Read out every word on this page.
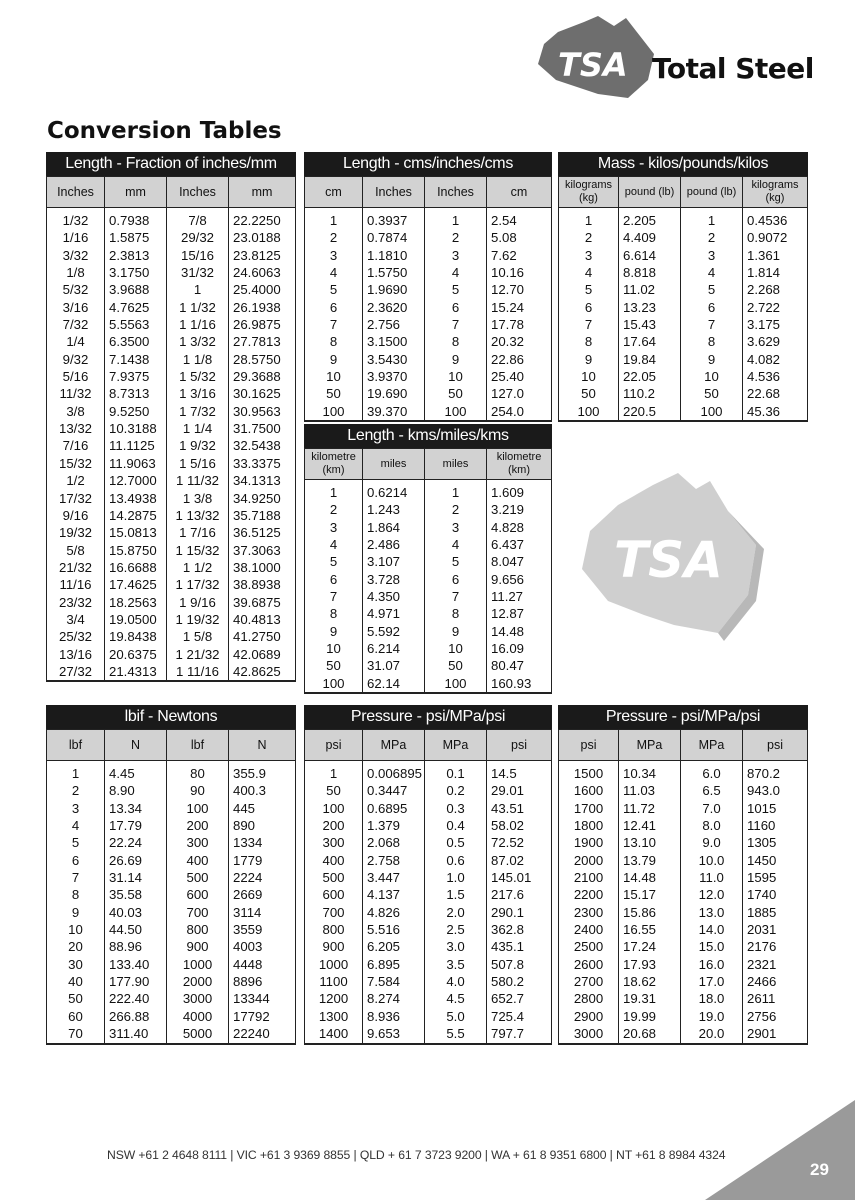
TSA Total Steel
Conversion Tables
Length - Fraction of inches/mm
Inches	mm	Inches	mm

1/32	0.7938	7/8	22.2250
1/16	1.5875	29/32	23.0188
3/32	2.3813	15/16	23.8125
1/8	3.1750	31/32	24.6063
5/32	3.9688	1	25.4000
3/16	4.7625	1 1/32	26.1938
7/32	5.5563	1 1/16	26.9875
1/4	6.3500	1 3/32	27.7813
9/32	7.1438	1 1/8	28.5750
5/16	7.9375	1 5/32	29.3688
11/32	8.7313	1 3/16	30.1625
3/8	9.5250	1 7/32	30.9563
13/32	10.3188	1 1/4	31.7500
7/16	11.1125	1 9/32	32.5438
15/32	11.9063	1 5/16	33.3375
1/2	12.7000	1 11/32	34.1313
17/32	13.4938	1 3/8	34.9250
9/16	14.2875	1 13/32	35.7188
19/32	15.0813	1 7/16	36.5125
5/8	15.8750	1 15/32	37.3063
21/32	16.6688	1 1/2	38.1000
11/16	17.4625	1 17/32	38.8938
23/32	18.2563	1 9/16	39.6875
3/4	19.0500	1 19/32	40.4813
25/32	19.8438	1 5/8	41.2750
13/16	20.6375	1 21/32	42.0689
27/32	21.4313	1 11/16	42.8625
Length - cms/inches/cms
cm	Inches	Inches	cm

1	0.3937	1	2.54
2	0.7874	2	5.08
3	1.1810	3	7.62
4	1.5750	4	10.16
5	1.9690	5	12.70
6	2.3620	6	15.24
7	2.756	7	17.78
8	3.1500	8	20.32
9	3.5430	9	22.86
10	3.9370	10	25.40
50	19.690	50	127.0
100	39.370	100	254.0
Mass - kilos/pounds/kilos
kilograms (kg)	pound (lb)	pound (lb)	kilograms (kg)

1	2.205	1	0.4536
2	4.409	2	0.9072
3	6.614	3	1.361
4	8.818	4	1.814
5	11.02	5	2.268
6	13.23	6	2.722
7	15.43	7	3.175
8	17.64	8	3.629
9	19.84	9	4.082
10	22.05	10	4.536
50	110.2	50	22.68
100	220.5	100	45.36
Length - kms/miles/kms
kilometre (km)	miles	miles	kilometre (km)

1	0.6214	1	1.609
2	1.243	2	3.219
3	1.864	3	4.828
4	2.486	4	6.437
5	3.107	5	8.047
6	3.728	6	9.656
7	4.350	7	11.27
8	4.971	8	12.87
9	5.592	9	14.48
10	6.214	10	16.09
50	31.07	50	80.47
100	62.14	100	160.93
TSA
lbif - Newtons
lbf	N	lbf	N

1	4.45	80	355.9
2	8.90	90	400.3
3	13.34	100	445
4	17.79	200	890
5	22.24	300	1334
6	26.69	400	1779
7	31.14	500	2224
8	35.58	600	2669
9	40.03	700	3114
10	44.50	800	3559
20	88.96	900	4003
30	133.40	1000	4448
40	177.90	2000	8896
50	222.40	3000	13344
60	266.88	4000	17792
70	311.40	5000	22240
Pressure - psi/MPa/psi
psi	MPa	MPa	psi

1	0.006895	0.1	14.5
50	0.3447	0.2	29.01
100	0.6895	0.3	43.51
200	1.379	0.4	58.02
300	2.068	0.5	72.52
400	2.758	0.6	87.02
500	3.447	1.0	145.01
600	4.137	1.5	217.6
700	4.826	2.0	290.1
800	5.516	2.5	362.8
900	6.205	3.0	435.1
1000	6.895	3.5	507.8
1100	7.584	4.0	580.2
1200	8.274	4.5	652.7
1300	8.936	5.0	725.4
1400	9.653	5.5	797.7
Pressure - psi/MPa/psi
psi	MPa	MPa	psi

1500	10.34	6.0	870.2
1600	11.03	6.5	943.0
1700	11.72	7.0	1015
1800	12.41	8.0	1160
1900	13.10	9.0	1305
2000	13.79	10.0	1450
2100	14.48	11.0	1595
2200	15.17	12.0	1740
2300	15.86	13.0	1885
2400	16.55	14.0	2031
2500	17.24	15.0	2176
2600	17.93	16.0	2321
2700	18.62	17.0	2466
2800	19.31	18.0	2611
2900	19.99	19.0	2756
3000	20.68	20.0	2901
NSW +61 2 4648 8111 | VIC +61 3 9369 8855 | QLD + 61 7 3723 9200 | WA + 61 8 9351 6800 | NT +61 8 8984 4324
29
